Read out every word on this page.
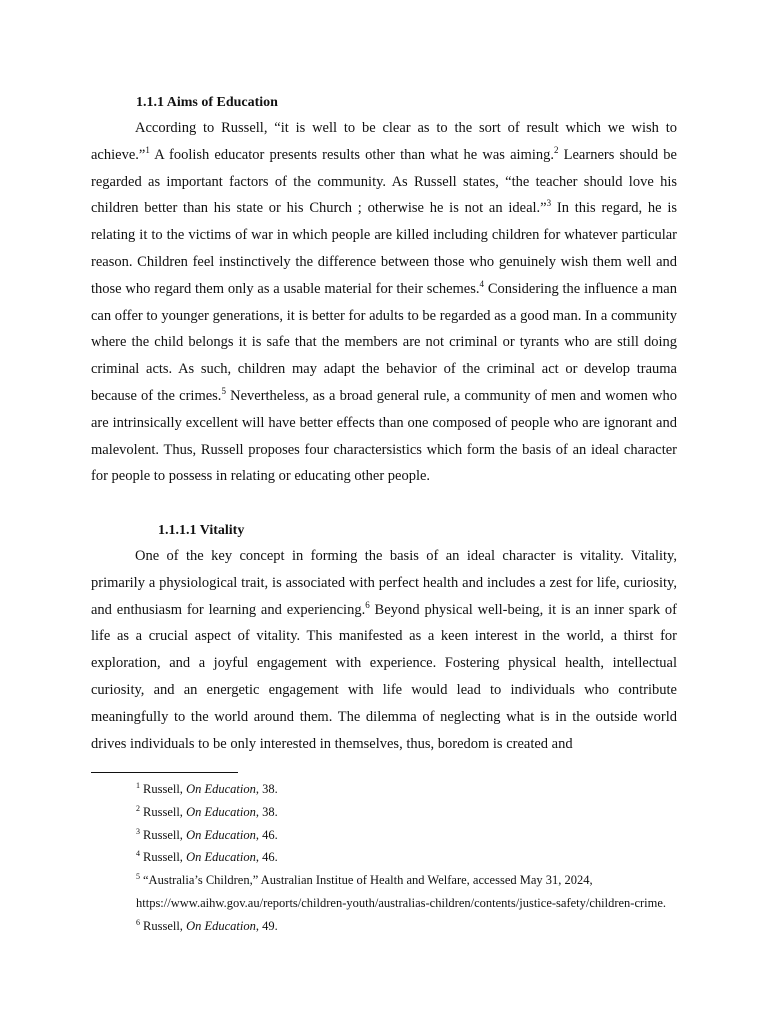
1.1.1 Aims of Education

According to Russell, “it is well to be clear as to the sort of result which we wish to achieve.”$^1$ A foolish educator presents results other than what he was aiming.$^2$ Learners should be regarded as important factors of the community. As Russell states, “the teacher should love his children better than his state or his Church ; otherwise he is not an ideal.”$^3$ In this regard, he is relating it to the victims of war in which people are killed including children for whatever particular reason. Children feel instinctively the difference between those who genuinely wish them well and those who regard them only as a usable material for their schemes.$^4$ Considering the influence a man can offer to younger generations, it is better for adults to be regarded as a good man. In a community where the child belongs it is safe that the members are not criminal or tyrants who are still doing criminal acts. As such, children may adapt the behavior of the criminal act or develop trauma because of the crimes.$^5$ Nevertheless, as a broad general rule, a community of men and women who are intrinsically excellent will have better effects than one composed of people who are ignorant and malevolent. Thus, Russell proposes four charactersistics which form the basis of an ideal character for people to possess in relating or educating other people.

1.1.1.1 Vitality

One of the key concept in forming the basis of an ideal character is vitality. Vitality, primarily a physiological trait, is associated with perfect health and includes a zest for life, curiosity, and enthusiasm for learning and experiencing.$^6$ Beyond physical well-being, it is an inner spark of life as a crucial aspect of vitality. This manifested as a keen interest in the world, a thirst for exploration, and a joyful engagement with experience. Fostering physical health, intellectual curiosity, and an energetic engagement with life would lead to individuals who contribute meaningfully to the world around them. The dilemma of neglecting what is in the outside world drives individuals to be only interested in themselves, thus, boredom is created and

$^1$ Russell, On Education, 38.
$^2$ Russell, On Education, 38.
$^3$ Russell, On Education, 46.
$^4$ Russell, On Education, 46.
$^5$ “Australia’s Children,” Australian Institue of Health and Welfare, accessed May 31, 2024,
https://www.aihw.gov.au/reports/children-youth/australias-children/contents/justice-safety/children-crime.
$^6$ Russell, On Education, 49.
